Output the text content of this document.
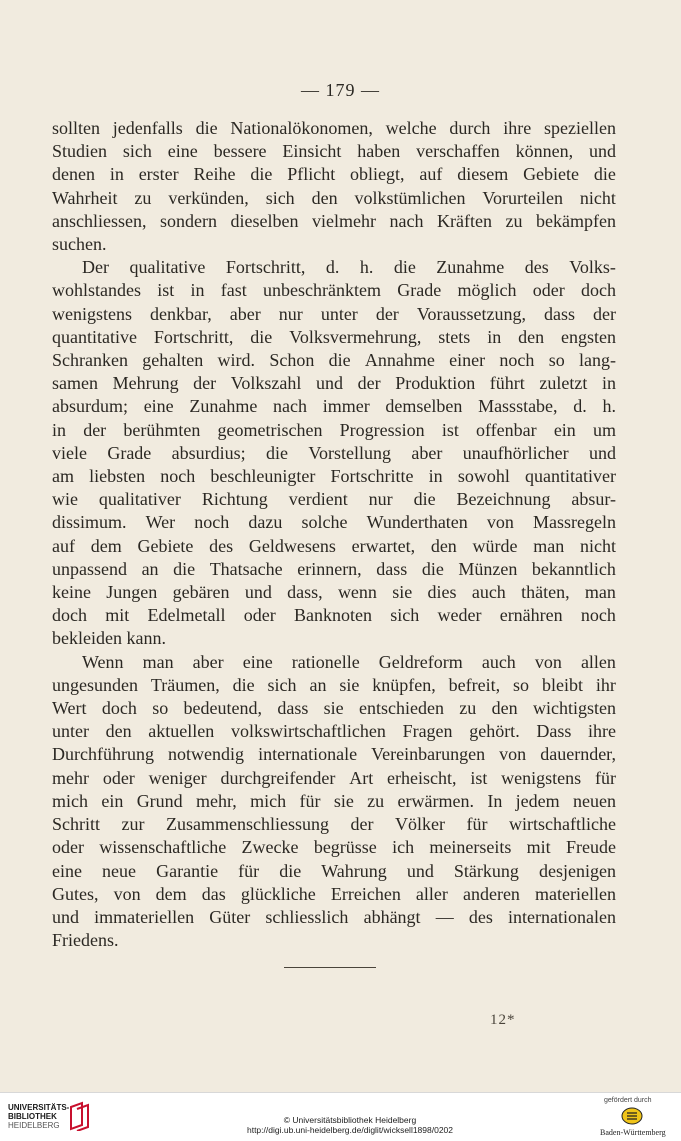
— 179 —

sollten jedenfalls die Nationalökonomen, welche durch ihre speziellen
Studien sich eine bessere Einsicht haben verschaffen können, und
denen in erster Reihe die Pflicht obliegt, auf diesem Gebiete die
Wahrheit zu verkünden, sich den volkstümlichen Vorurteilen nicht
anschliessen, sondern dieselben vielmehr nach Kräften zu bekämpfen
suchen.

Der qualitative Fortschritt, d. h. die Zunahme des Volks-
wohlstandes ist in fast unbeschränktem Grade möglich oder doch
wenigstens denkbar, aber nur unter der Voraussetzung, dass der
quantitative Fortschritt, die Volksvermehrung, stets in den engsten
Schranken gehalten wird. Schon die Annahme einer noch so lang-
samen Mehrung der Volkszahl und der Produktion führt zuletzt in
absurdum; eine Zunahme nach immer demselben Massstabe, d. h.
in der berühmten geometrischen Progression ist offenbar ein um
viele Grade absurdius; die Vorstellung aber unaufhörlicher und
am liebsten noch beschleunigter Fortschritte in sowohl quantitativer
wie qualitativer Richtung verdient nur die Bezeichnung absur-
dissimum. Wer noch dazu solche Wunderthaten von Massregeln
auf dem Gebiete des Geldwesens erwartet, den würde man nicht
unpassend an die Thatsache erinnern, dass die Münzen bekanntlich
keine Jungen gebären und dass, wenn sie dies auch thäten, man
doch mit Edelmetall oder Banknoten sich weder ernähren noch
bekleiden kann.

Wenn man aber eine rationelle Geldreform auch von allen
ungesunden Träumen, die sich an sie knüpfen, befreit, so bleibt ihr
Wert doch so bedeutend, dass sie entschieden zu den wichtigsten
unter den aktuellen volkswirtschaftlichen Fragen gehört. Dass ihre
Durchführung notwendig internationale Vereinbarungen von dauernder,
mehr oder weniger durchgreifender Art erheischt, ist wenigstens für
mich ein Grund mehr, mich für sie zu erwärmen. In jedem neuen
Schritt zur Zusammenschliessung der Völker für wirtschaftliche
oder wissenschaftliche Zwecke begrüsse ich meinerseits mit Freude
eine neue Garantie für die Wahrung und Stärkung desjenigen
Gutes, von dem das glückliche Erreichen aller anderen materiellen
und immateriellen Güter schliesslich abhängt — des internationalen
Friedens.

12*
UNIVERSITÄTS-
BIBLIOTHEK
HEIDELBERG
© Universitätsbibliothek Heidelberg
http://digi.ub.uni-heidelberg.de/diglit/wicksell1898/0202
gefördert durch
Baden-Württemberg
